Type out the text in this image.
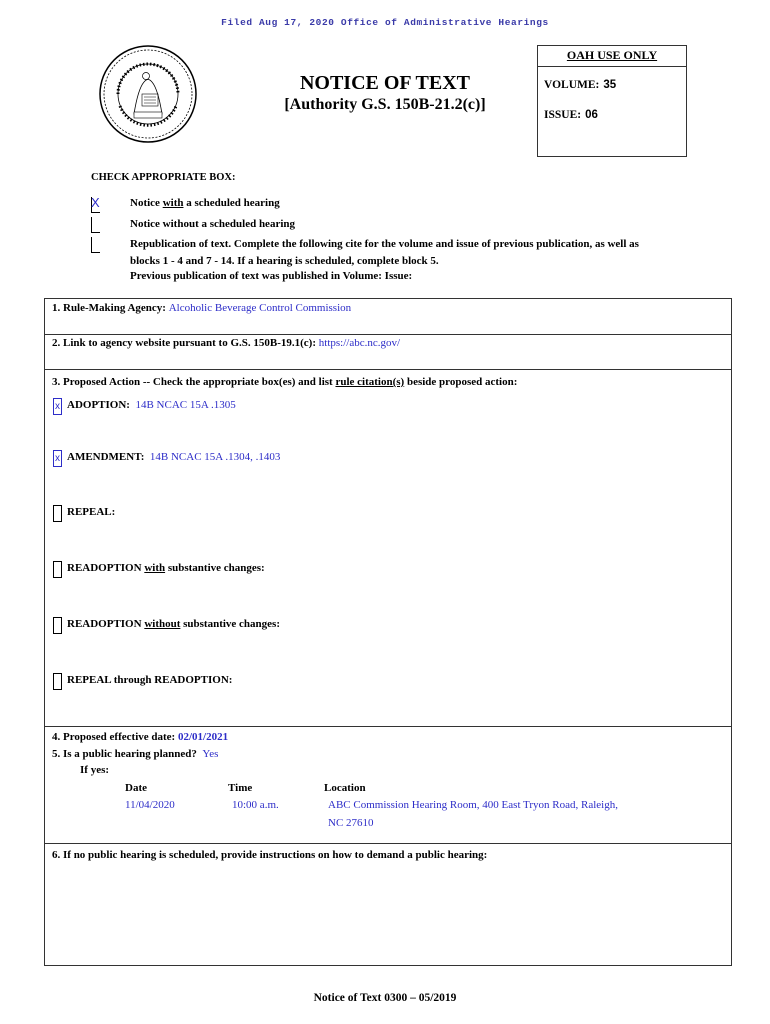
Filed Aug 17, 2020 Office of Administrative Hearings
NOTICE OF TEXT
[Authority G.S. 150B-21.2(c)]
OAH USE ONLY
VOLUME: 35
ISSUE: 06
CHECK APPROPRIATE BOX:
X	Notice with a scheduled hearing
Notice without a scheduled hearing
Republication of text. Complete the following cite for the volume and issue of previous publication, as well as
blocks 1 - 4 and 7 - 14. If a hearing is scheduled, complete block 5.
Previous publication of text was published in Volume: Issue:
1. Rule-Making Agency: Alcoholic Beverage Control Commission
2. Link to agency website pursuant to G.S. 150B-19.1(c): https://abc.nc.gov/
3. Proposed Action -- Check the appropriate box(es) and list rule citation(s) beside proposed action:
x ADOPTION: 14B NCAC 15A .1305
x AMENDMENT: 14B NCAC 15A .1304, .1403
REPEAL:
READOPTION with substantive changes:
READOPTION without substantive changes:
REPEAL through READOPTION:
4. Proposed effective date: 02/01/2021
5. Is a public hearing planned? Yes
If yes:
Date	Time	Location
11/04/2020	10:00 a.m.	ABC Commission Hearing Room, 400 East Tryon Road, Raleigh,
NC 27610
6. If no public hearing is scheduled, provide instructions on how to demand a public hearing:
Notice of Text 0300 – 05/2019
